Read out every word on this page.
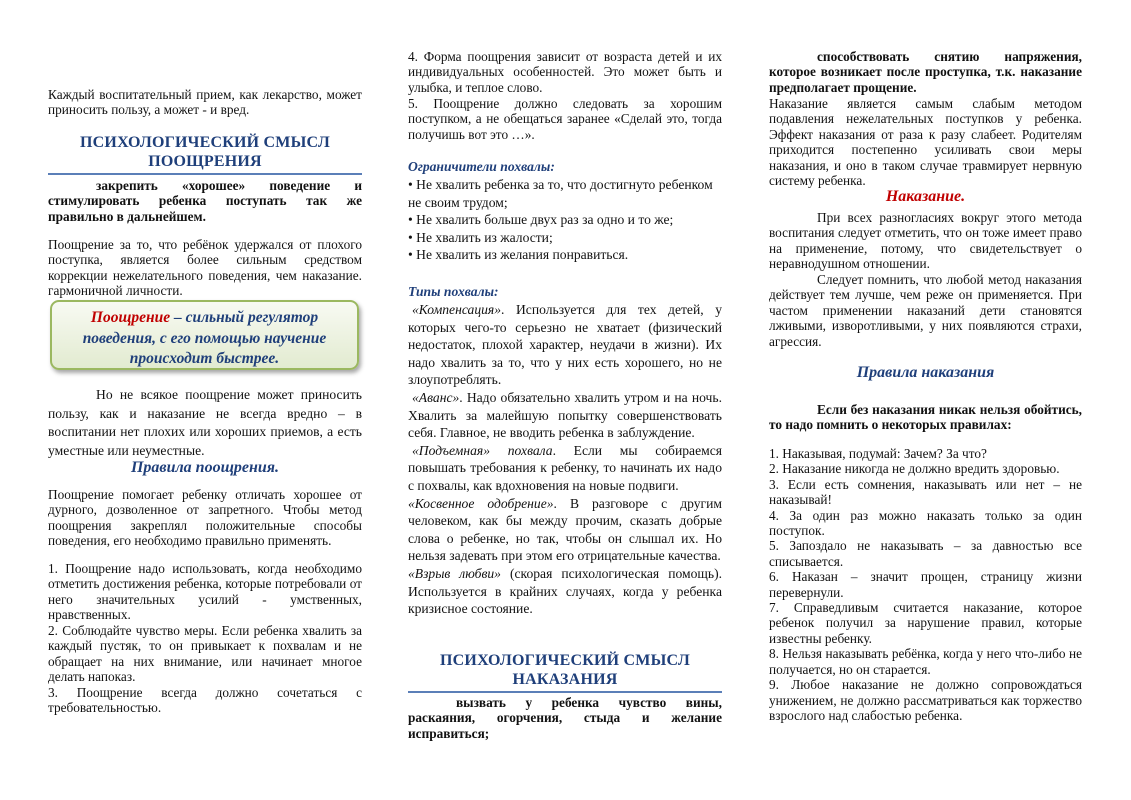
Каждый воспитательный прием, как лекарство, может приносить пользу, а может - и вред.

ПСИХОЛОГИЧЕСКИЙ СМЫСЛ
ПООЩРЕНИЯ

закрепить «хорошее» поведение и стимулировать ребенка поступать так же правильно в дальнейшем.

Поощрение за то, что ребёнок удержался от плохого поступка, является более сильным средством коррекции нежелательного поведения, чем наказание. гармоничной личности.

Поощрение – сильный регулятор поведения, с его помощью научение происходит быстрее.

Но не всякое поощрение может приносить пользу, как и наказание не всегда вредно – в воспитании нет плохих или хороших приемов, а есть уместные или неуместные.

Правила поощрения.

Поощрение помогает ребенку отличать хорошее от дурного, дозволенное от запретного. Чтобы метод поощрения закреплял положительные способы поведения, его необходимо правильно применять.

1. Поощрение надо использовать, когда необходимо отметить достижения ребенка, которые потребовали от него значительных усилий - умственных, нравственных.

2. Соблюдайте чувство меры. Если ребенка хвалить за каждый пустяк, то он привыкает к похвалам и не обращает на них внимание, или начинает многое делать напоказ.

3. Поощрение всегда должно сочетаться с требовательностью.

4. Форма поощрения зависит от возраста детей и их индивидуальных особенностей. Это может быть и улыбка, и теплое слово.

5. Поощрение должно следовать за хорошим поступком, а не обещаться заранее «Сделай это, тогда получишь вот это …».

Ограничители похвалы:

• Не хвалить ребенка за то, что достигнуто ребенком не своим трудом;

• Не хвалить больше двух раз за одно и то же;

• Не хвалить из жалости;

• Не хвалить из желания понравиться.

Типы похвалы:

«Компенсация». Используется для тех детей, у которых чего-то серьезно не хватает (физический недостаток, плохой характер, неудачи в жизни). Их надо хвалить за то, что у них есть хорошего, но не злоупотреблять.

«Аванс». Надо обязательно хвалить утром и на ночь. Хвалить за малейшую попытку совершенствовать себя. Главное, не вводить ребенка в заблуждение.

«Подъемная» похвала. Если мы собираемся повышать требования к ребенку, то начинать их надо с похвалы, как вдохновения на новые подвиги.

«Косвенное одобрение». В разговоре с другим человеком, как бы между прочим, сказать добрые слова о ребенке, но так, чтобы он слышал их. Но нельзя задевать при этом его отрицательные качества.

«Взрыв любви» (скорая психологическая помощь). Используется в крайних случаях, когда у ребенка кризисное состояние.

ПСИХОЛОГИЧЕСКИЙ СМЫСЛ
НАКАЗАНИЯ

вызвать у ребенка чувство вины, раскаяния, огорчения, стыда и желание исправиться;

способствовать снятию напряжения, которое возникает после проступка, т.к. наказание предполагает прощение.

Наказание является самым слабым методом подавления нежелательных поступков у ребенка. Эффект наказания от раза к разу слабеет. Родителям приходится постепенно усиливать свои меры наказания, и оно в таком случае травмирует нервную систему ребенка.

Наказание.

При всех разногласиях вокруг этого метода воспитания следует отметить, что он тоже имеет право на применение, потому, что свидетельствует о неравнодушном отношении.

Следует помнить, что любой метод наказания действует тем лучше, чем реже он применяется. При частом применении наказаний дети становятся лживыми, изворотливыми, у них появляются страхи, агрессия.

Правила наказания

Если без наказания никак нельзя обойтись, то надо помнить о некоторых правилах:

1. Наказывая, подумай: Зачем? За что?

2. Наказание никогда не должно вредить здоровью.

3. Если есть сомнения, наказывать или нет – не наказывай!

4. За один раз можно наказать только за один поступок.

5. Запоздало не наказывать – за давностью все списывается.

6. Наказан – значит прощен, страницу жизни перевернули.

7. Справедливым считается наказание, которое ребенок получил за нарушение правил, которые известны ребенку.

8. Нельзя наказывать ребёнка, когда у него что-либо не получается, но он старается.

9. Любое наказание не должно сопровождаться унижением, не должно рассматриваться как торжество взрослого над слабостью ребенка.
